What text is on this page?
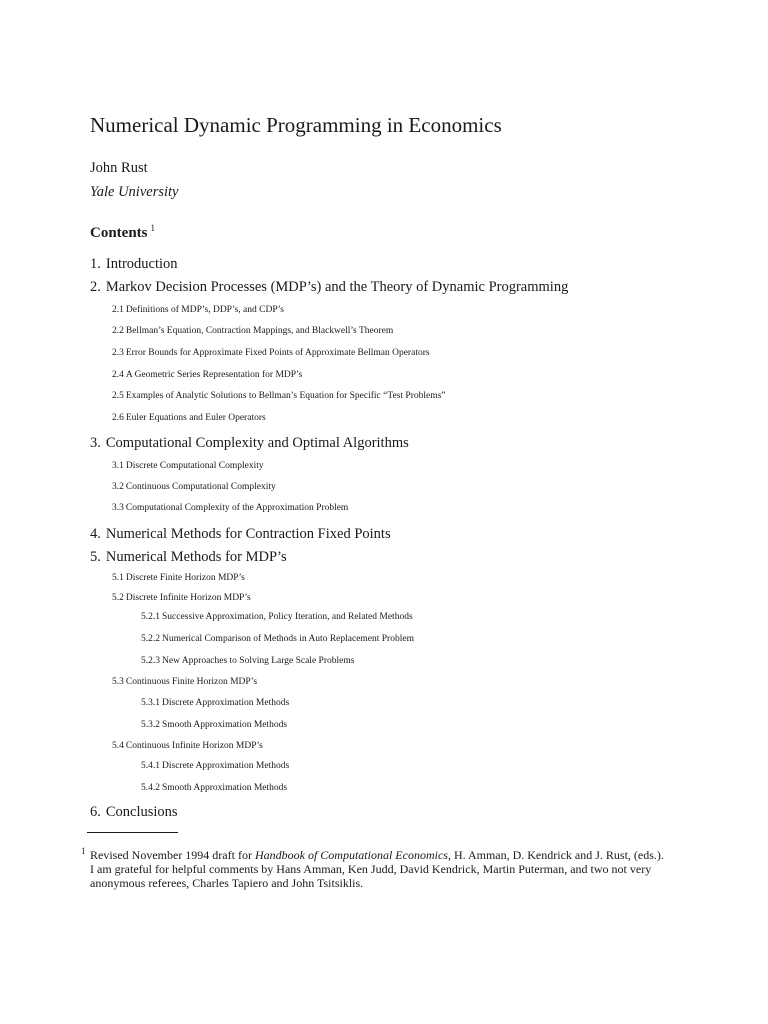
Numerical Dynamic Programming in Economics
John Rust
Yale University
Contents $^1$
1. Introduction
2. Markov Decision Processes (MDP’s) and the Theory of Dynamic Programming
2.1 Definitions of MDP’s, DDP’s, and CDP’s
2.2 Bellman’s Equation, Contraction Mappings, and Blackwell’s Theorem
2.3 Error Bounds for Approximate Fixed Points of Approximate Bellman Operators
2.4 A Geometric Series Representation for MDP’s
2.5 Examples of Analytic Solutions to Bellman’s Equation for Specific “Test Problems”
2.6 Euler Equations and Euler Operators
3. Computational Complexity and Optimal Algorithms
3.1 Discrete Computational Complexity
3.2 Continuous Computational Complexity
3.3 Computational Complexity of the Approximation Problem
4. Numerical Methods for Contraction Fixed Points
5. Numerical Methods for MDP’s
5.1 Discrete Finite Horizon MDP’s
5.2 Discrete Infinite Horizon MDP’s
5.2.1 Successive Approximation, Policy Iteration, and Related Methods
5.2.2 Numerical Comparison of Methods in Auto Replacement Problem
5.2.3 New Approaches to Solving Large Scale Problems
5.3 Continuous Finite Horizon MDP’s
5.3.1 Discrete Approximation Methods
5.3.2 Smooth Approximation Methods
5.4 Continuous Infinite Horizon MDP’s
5.4.1 Discrete Approximation Methods
5.4.2 Smooth Approximation Methods
6. Conclusions
1 Revised November 1994 draft for Handbook of Computational Economics, H. Amman, D. Kendrick and J. Rust, (eds.).
I am grateful for helpful comments by Hans Amman, Ken Judd, David Kendrick, Martin Puterman, and two not very
anonymous referees, Charles Tapiero and John Tsitsiklis.
